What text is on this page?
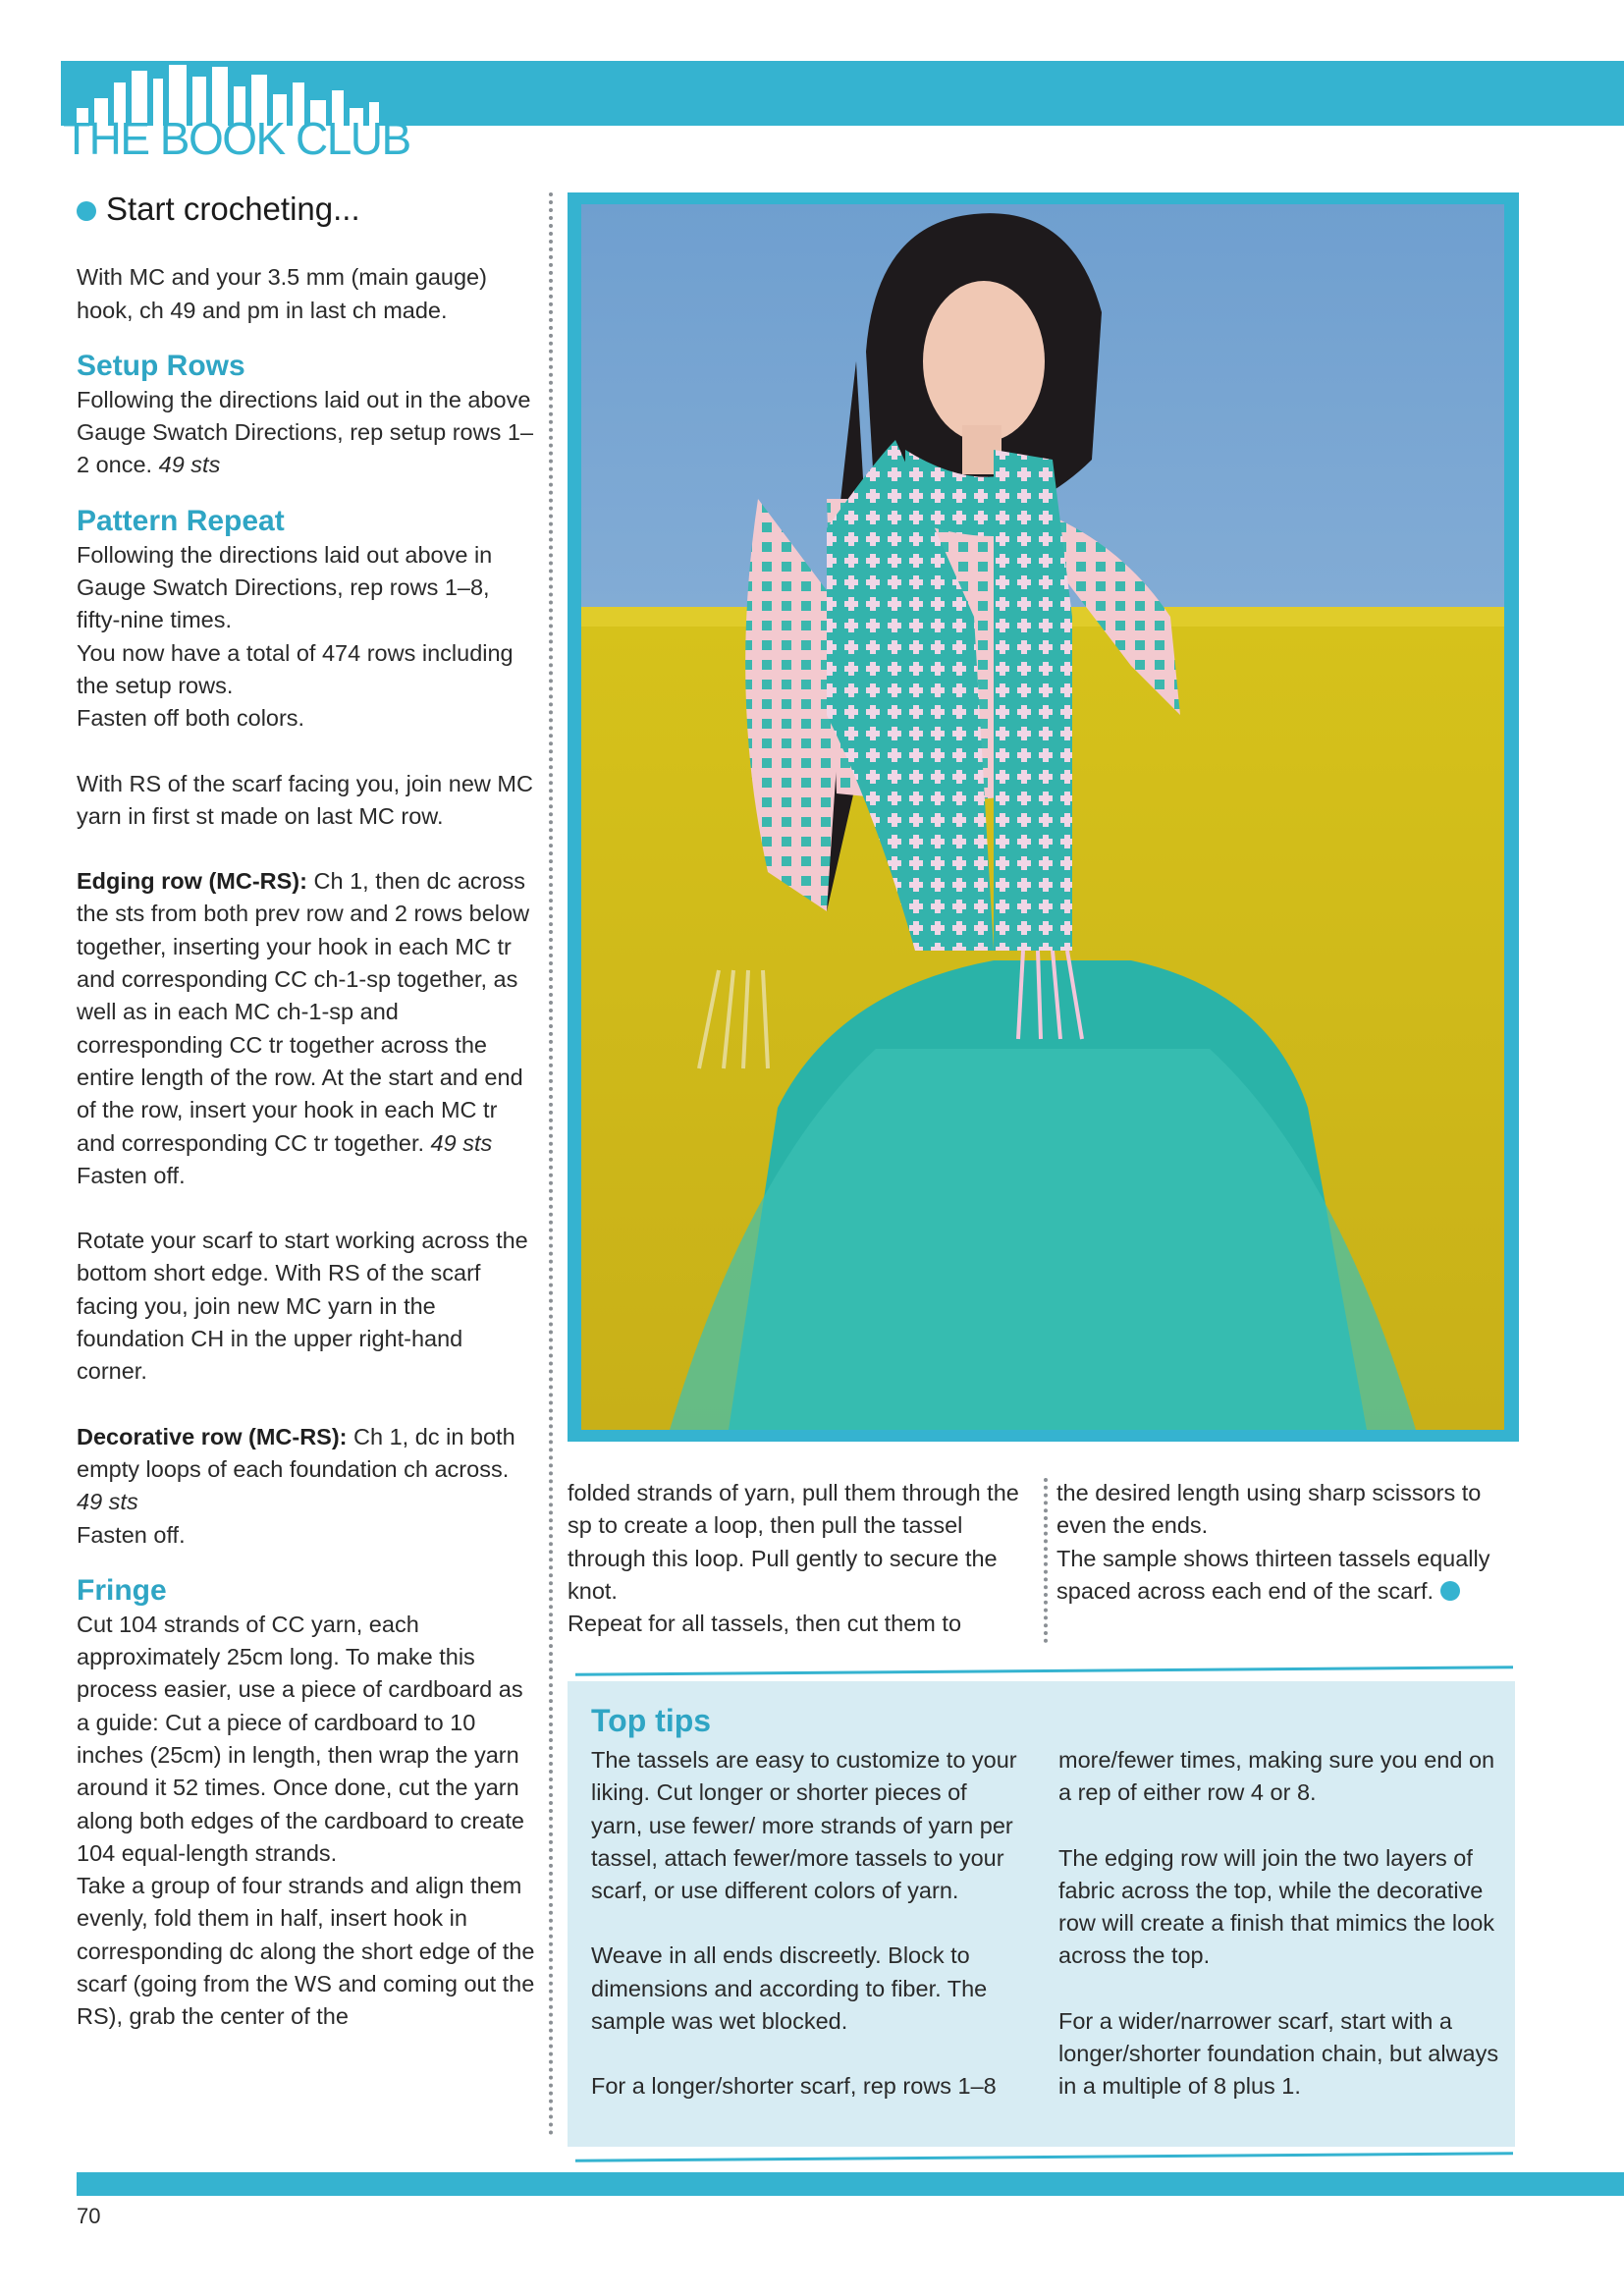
THE BOOK CLUB
Start crocheting...

With MC and your 3.5 mm (main gauge) hook, ch 49 and pm in last ch made.

Setup Rows

Following the directions laid out in the above Gauge Swatch Directions, rep setup rows 1–2 once. 49 sts

Pattern Repeat

Following the directions laid out above in Gauge Swatch Directions, rep rows 1–8, fifty-nine times.

You now have a total of 474 rows including the setup rows.

Fasten off both colors.

With RS of the scarf facing you, join new MC yarn in first st made on last MC row.

Edging row (MC-RS): Ch 1, then dc across the sts from both prev row and 2 rows below together, inserting your hook in each MC tr and corresponding CC ch-1-sp together, as well as in each MC ch-1-sp and corresponding CC tr together across the entire length of the row. At the start and end of the row, insert your hook in each MC tr and corresponding CC tr together. 49 sts

Fasten off.

Rotate your scarf to start working across the bottom short edge. With RS of the scarf facing you, join new MC yarn in the foundation CH in the upper right-hand corner.

Decorative row (MC-RS): Ch 1, dc in both empty loops of each foundation ch across. 49 sts

Fasten off.

Fringe

Cut 104 strands of CC yarn, each approximately 25cm long. To make this process easier, use a piece of cardboard as a guide: Cut a piece of cardboard to 10 inches (25cm) in length, then wrap the yarn around it 52 times. Once done, cut the yarn along both edges of the cardboard to create 104 equal-length strands.

Take a group of four strands and align them evenly, fold them in half, insert hook in corresponding dc along the short edge of the scarf (going from the WS and coming out the RS), grab the center of the

folded strands of yarn, pull them through the sp to create a loop, then pull the tassel through this loop. Pull gently to secure the knot.

Repeat for all tassels, then cut them to

the desired length using sharp scissors to even the ends.

The sample shows thirteen tassels equally spaced across each end of the scarf.

Top tips

The tassels are easy to customize to your liking. Cut longer or shorter pieces of yarn, use fewer/ more strands of yarn per tassel, attach fewer/more tassels to your scarf, or use different colors of yarn.

Weave in all ends discreetly. Block to dimensions and according to fiber. The sample was wet blocked.

For a longer/shorter scarf, rep rows 1–8

more/fewer times, making sure you end on a rep of either row 4 or 8.

The edging row will join the two layers of fabric across the top, while the decorative row will create a finish that mimics the look across the top.

For a wider/narrower scarf, start with a longer/shorter foundation chain, but always in a multiple of 8 plus 1.

70
